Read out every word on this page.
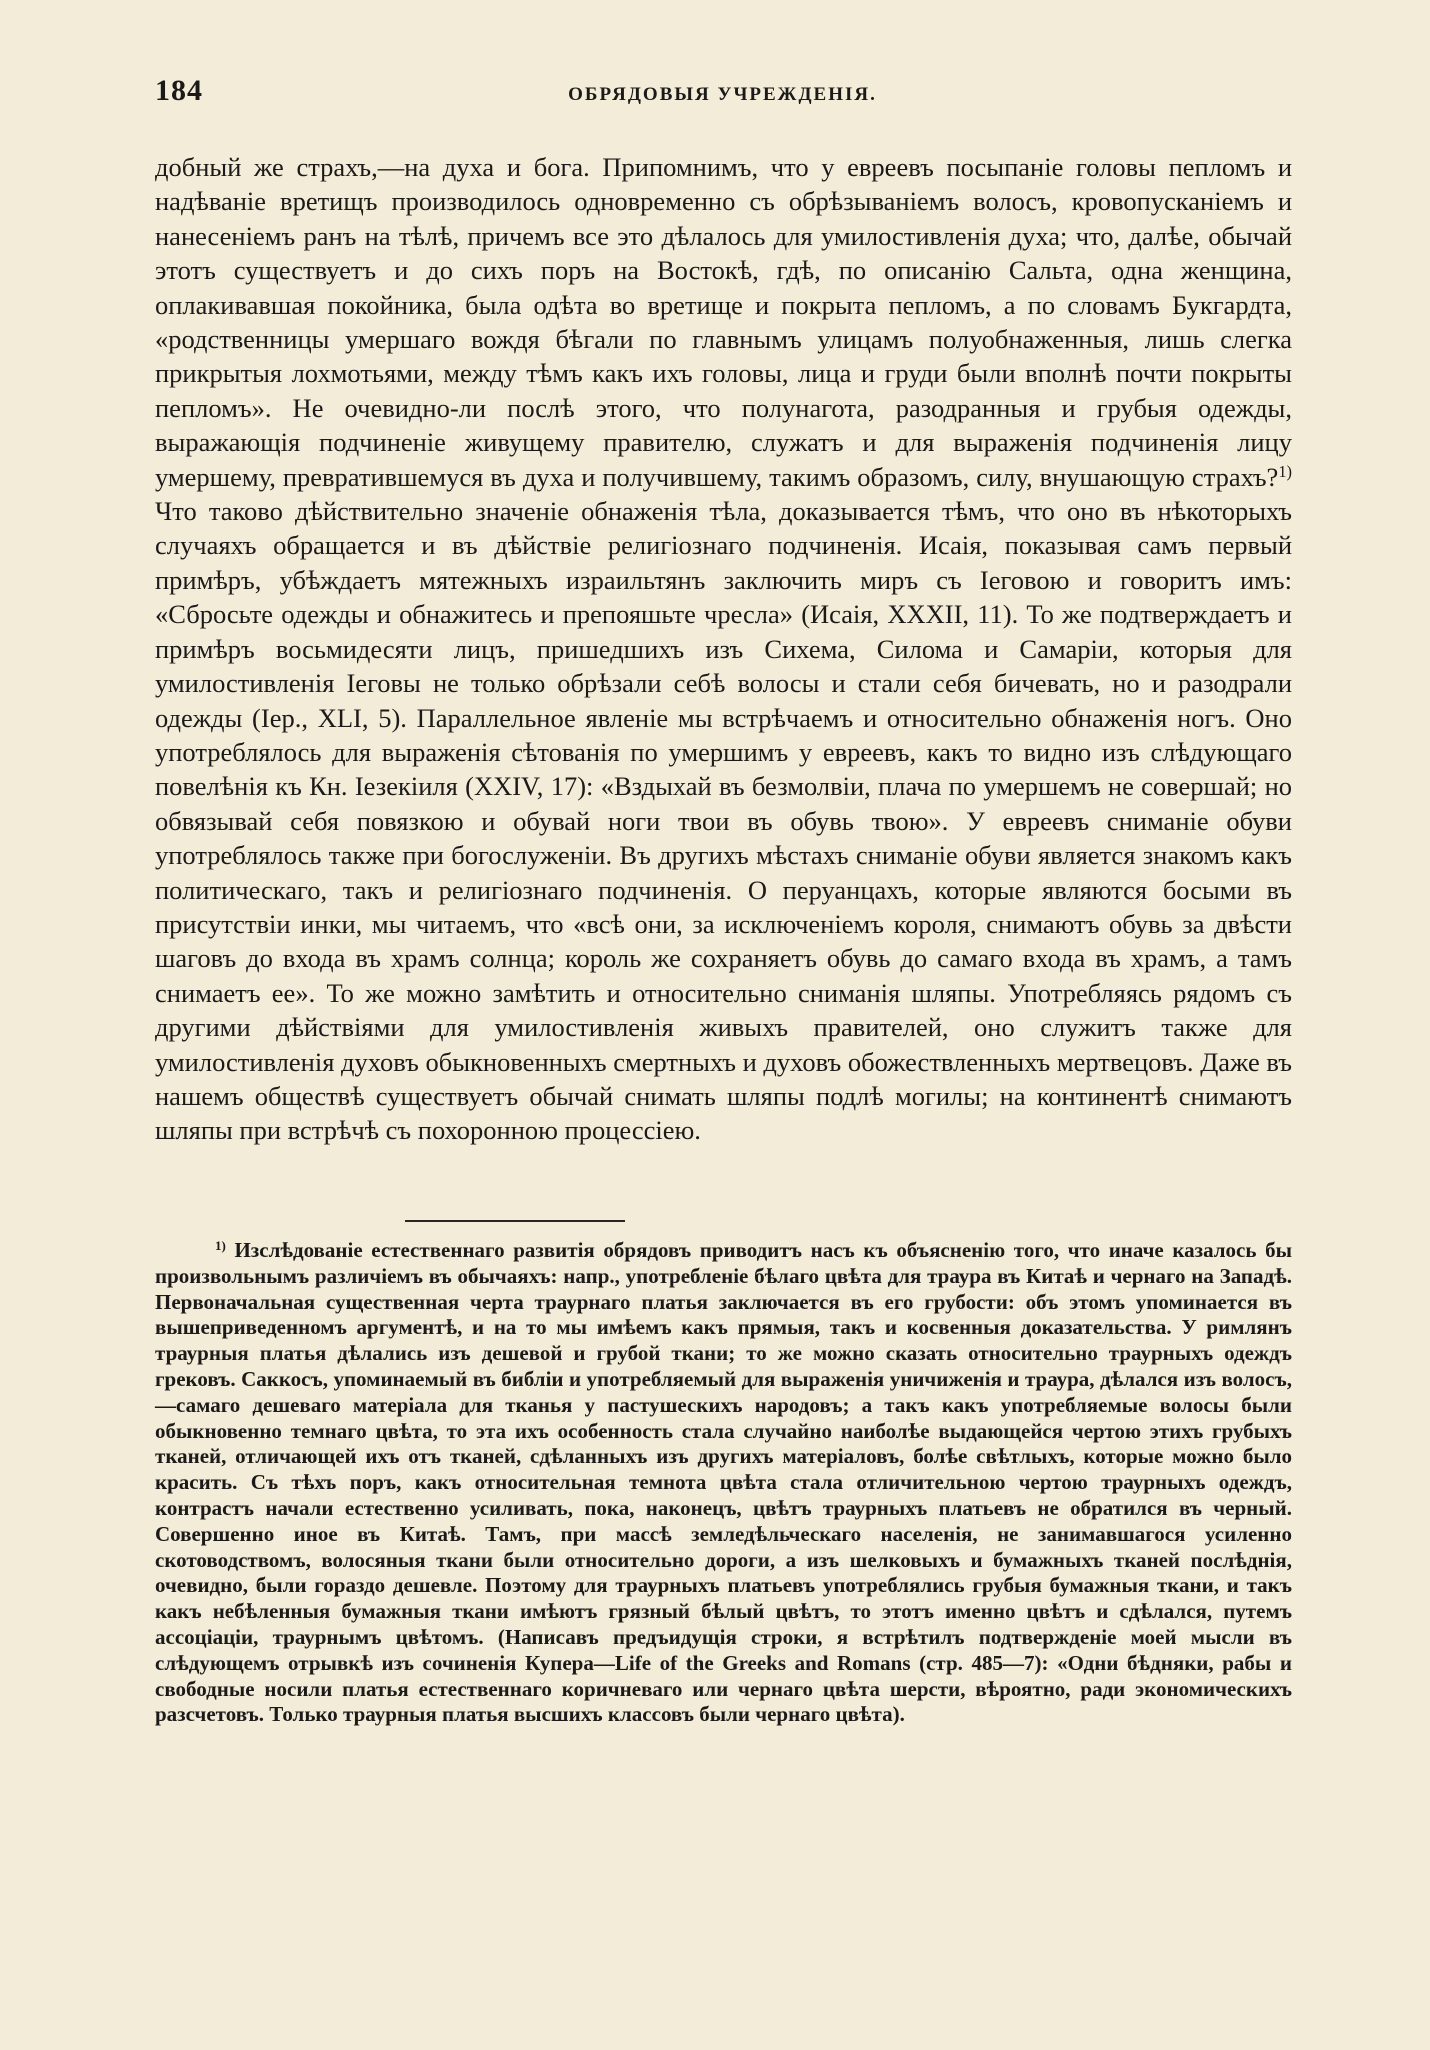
184	ОБРЯДОВЫЯ УЧРЕЖДЕНІЯ.

добный же страхъ,—на духа и бога. Припомнимъ, что у евреевъ посыпаніе головы пепломъ и надѣваніе вретищъ производилось одновременно съ обрѣзываніемъ волосъ, кровопусканіемъ и нанесеніемъ ранъ на тѣлѣ, причемъ все это дѣлалось для умилостивленія духа; что, далѣе, обычай этотъ существуетъ и до сихъ поръ на Востокѣ, гдѣ, по описанію Сальта, одна женщина, оплакивавшая покойника, была одѣта во вретище и покрыта пепломъ, а по словамъ Букгардта, «родственницы умершаго вождя бѣгали по главнымъ улицамъ полуобнаженныя, лишь слегка прикрытыя лохмотьями, между тѣмъ какъ ихъ головы, лица и груди были вполнѣ почти покрыты пепломъ». Не очевидно-ли послѣ этого, что полунагота, разодранныя и грубыя одежды, выражающія подчиненіе живущему правителю, служатъ и для выраженія подчиненія лицу умершему, превратившемуся въ духа и получившему, такимъ образомъ, силу, внушающую страхъ?$^{1)}$ Что таково дѣйствительно значеніе обнаженія тѣла, доказывается тѣмъ, что оно въ нѣкоторыхъ случаяхъ обращается и въ дѣйствіе религіознаго подчиненія. Исаія, показывая самъ первый примѣръ, убѣждаетъ мятежныхъ израильтянъ заключить миръ съ Іеговою и говоритъ имъ: «Сбросьте одежды и обнажитесь и препояшьте чресла» (Исаія, XXXII, 11). То же подтверждаетъ и примѣръ восьмидесяти лицъ, пришедшихъ изъ Сихема, Силома и Самаріи, которыя для умилостивленія Іеговы не только обрѣзали себѣ волосы и стали себя бичевать, но и разодрали одежды (Іер., XLI, 5). Параллельное явленіе мы встрѣчаемъ и относительно обнаженія ногъ. Оно употреблялось для выраженія сѣтованія по умершимъ у евреевъ, какъ то видно изъ слѣдующаго повелѣнія къ Кн. Іезекіиля (XXIV, 17): «Вздыхай въ безмолвіи, плача по умершемъ не совершай; но обвязывай себя повязкою и обувай ноги твои въ обувь твою». У евреевъ сниманіе обуви употреблялось также при богослуженіи. Въ другихъ мѣстахъ сниманіе обуви является знакомъ какъ политическаго, такъ и религіознаго подчиненія. О перуанцахъ, которые являются босыми въ присутствіи инки, мы читаемъ, что «всѣ они, за исключеніемъ короля, снимаютъ обувь за двѣсти шаговъ до входа въ храмъ солнца; король же сохраняетъ обувь до самаго входа въ храмъ, а тамъ снимаетъ ее». То же можно замѣтить и относительно сниманія шляпы. Употребляясь рядомъ съ другими дѣйствіями для умилостивленія живыхъ правителей, оно служитъ также для умилостивленія духовъ обыкновенныхъ смертныхъ и духовъ обожествленныхъ мертвецовъ. Даже въ нашемъ обществѣ существуетъ обычай снимать шляпы подлѣ могилы; на континентѣ снимаютъ шляпы при встрѣчѣ съ похоронною процессіею.

$^{1)}$ Изслѣдованіе естественнаго развитія обрядовъ приводитъ насъ къ объясненію того, что иначе казалось бы произвольнымъ различіемъ въ обычаяхъ: напр., употребленіе бѣлаго цвѣта для траура въ Китаѣ и чернаго на Западѣ. Первоначальная существенная черта траурнаго платья заключается въ его грубости: объ этомъ упоминается въ вышеприведенномъ аргументѣ, и на то мы имѣемъ какъ прямыя, такъ и косвенныя доказательства. У римлянъ траурныя платья дѣлались изъ дешевой и грубой ткани; то же можно сказать относительно траурныхъ одеждъ грековъ. Саккосъ, упоминаемый въ библіи и употребляемый для выраженія уничиженія и траура, дѣлался изъ волосъ,—самаго дешеваго матеріала для тканья у пастушескихъ народовъ; а такъ какъ употребляемые волосы были обыкновенно темнаго цвѣта, то эта ихъ особенность стала случайно наиболѣе выдающейся чертою этихъ грубыхъ тканей, отличающей ихъ отъ тканей, сдѣланныхъ изъ другихъ матеріаловъ, болѣе свѣтлыхъ, которые можно было красить. Съ тѣхъ поръ, какъ относительная темнота цвѣта стала отличительною чертою траурныхъ одеждъ, контрастъ начали естественно усиливать, пока, наконецъ, цвѣтъ траурныхъ платьевъ не обратился въ черный. Совершенно иное въ Китаѣ. Тамъ, при массѣ земледѣльческаго населенія, не занимавшагося усиленно скотоводствомъ, волосяныя ткани были относительно дороги, а изъ шелковыхъ и бумажныхъ тканей послѣднія, очевидно, были гораздо дешевле. Поэтому для траурныхъ платьевъ употреблялись грубыя бумажныя ткани, и такъ какъ небѣленныя бумажныя ткани имѣютъ грязный бѣлый цвѣтъ, то этотъ именно цвѣтъ и сдѣлался, путемъ ассоціаціи, траурнымъ цвѣтомъ. (Написавъ предъидущія строки, я встрѣтилъ подтвержденіе моей мысли въ слѣдующемъ отрывкѣ изъ сочиненія Купера—Life of the Greeks and Romans (стр. 485—7): «Одни бѣдняки, рабы и свободные носили платья естественнаго коричневаго или чернаго цвѣта шерсти, вѣроятно, ради экономическихъ разсчетовъ. Только траурныя платья высшихъ классовъ были чернаго цвѣта).
